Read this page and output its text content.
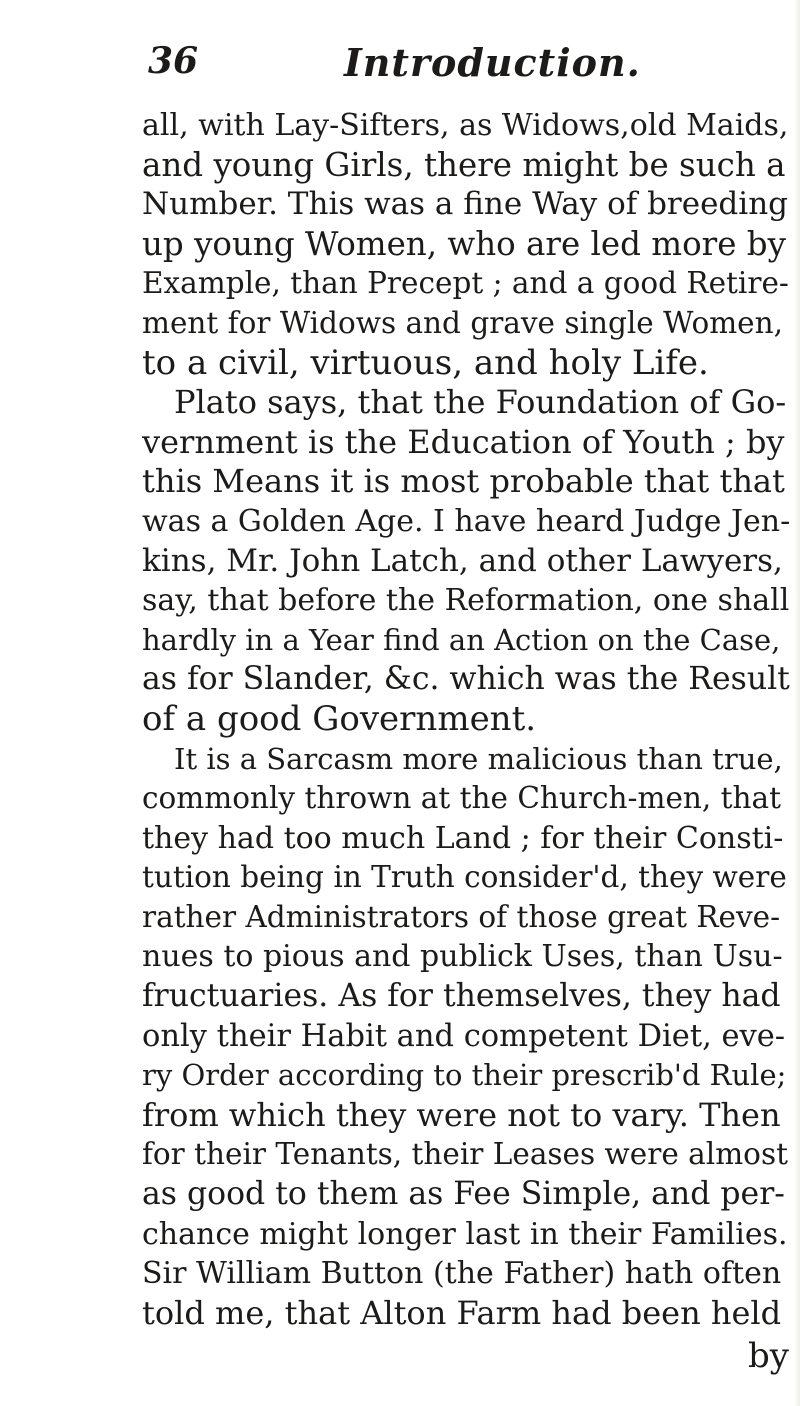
36	Introduction.
all, with Lay-Sifters, as Widows,old Maids,
and young Girls, there might be such a
Number. This was a fine Way of breeding
up young Women, who are led more by
Example, than Precept ; and a good Retire-
ment for Widows and grave single Women,
to a civil, virtuous, and holy Life.
Plato says, that the Foundation of Go-
vernment is the Education of Youth ; by
this Means it is most probable that that
was a Golden Age. I have heard Judge Jen-
kins, Mr. John Latch, and other Lawyers,
say, that before the Reformation, one shall
hardly in a Year find an Action on the Case,
as for Slander, &c. which was the Result
of a good Government.
It is a Sarcasm more malicious than true,
commonly thrown at the Church-men, that
they had too much Land ; for their Consti-
tution being in Truth consider'd, they were
rather Administrators of those great Reve-
nues to pious and publick Uses, than Usu-
fructuaries. As for themselves, they had
only their Habit and competent Diet, eve-
ry Order according to their prescrib'd Rule;
from which they were not to vary. Then
for their Tenants, their Leases were almost
as good to them as Fee Simple, and per-
chance might longer last in their Families.
Sir William Button (the Father) hath often
told me, that Alton Farm had been held
by
